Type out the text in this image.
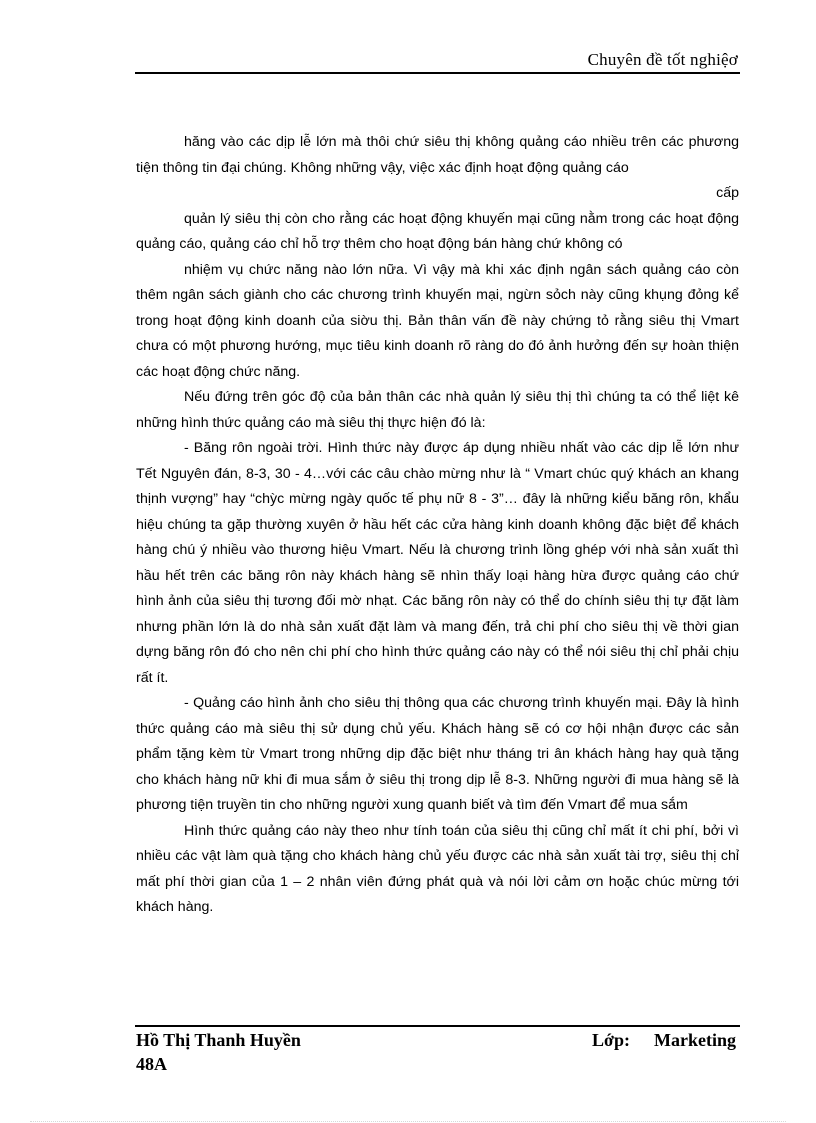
Chuyên đề tốt nghiệơ

hăng vào các dịp lễ lớn mà thôi chứ siêu thị không quảng cáo nhiều trên các phương tiện thông tin đại chúng. Không những vậy, việc xác định hoạt động quảng cáo

cấp

quản lý siêu thị còn cho rằng các hoạt động khuyến mại cũng nằm trong các hoạt động quảng cáo, quảng cáo chỉ hỗ trợ thêm cho hoạt động bán hàng chứ không có

nhiệm vụ chức năng nào lớn nữa. Vì vậy mà khi xác định ngân sách quảng cáo còn thêm ngân sách giành cho các chương trình khuyến mại, ngừn sỏch này cũng khụng đỏng kể trong hoạt động kinh doanh của siờu thị. Bản thân vấn đề này chứng tỏ rằng siêu thị Vmart chưa có một phương hướng, mục tiêu kinh doanh rõ ràng do đó ảnh hưởng đến sự hoàn thiện các hoạt động chức năng.

Nếu đứng trên góc độ của bản thân các nhà quản lý siêu thị thì chúng ta có thể liệt kê những hình thức quảng cáo mà siêu thị thực hiện đó là:

- Băng rôn ngoài trời. Hình thức này được áp dụng nhiều nhất vào các dịp lễ lớn như Tết Nguyên đán, 8-3, 30 - 4…với các câu chào mừng như là “ Vmart chúc quý khách an khang thịnh vượng” hay “chỳc mừng ngày quốc tế phụ nữ 8 - 3”… đây là những kiểu băng rôn, khẩu hiệu chúng ta gặp thường xuyên ở hầu hết các cửa hàng kinh doanh không đặc biệt để khách hàng chú ý nhiều vào thương hiệu Vmart. Nếu là chương trình lồng ghép với nhà sản xuất thì hầu hết trên các băng rôn này khách hàng sẽ nhìn thấy loại hàng hừa được quảng cáo chứ hình ảnh của siêu thị tương đối mờ nhạt. Các băng rôn này có thể do chính siêu thị tự đặt làm nhưng phần lớn là do nhà sản xuất đặt làm và mang đến, trả chi phí cho siêu thị về thời gian dựng băng rôn đó cho nên chi phí cho hình thức quảng cáo này có thể nói siêu thị chỉ phải chịu rất ít.

- Quảng cáo hình ảnh cho siêu thị thông qua các chương trình khuyến mại. Đây là hình thức quảng cáo mà siêu thị sử dụng chủ yếu. Khách hàng sẽ có cơ hội nhận được các sản phẩm tặng kèm từ Vmart trong những dịp đặc biệt như tháng tri ân khách hàng hay quà tặng cho khách hàng nữ khi đi mua sắm ở siêu thị trong dịp lễ 8-3. Những người đi mua hàng sẽ là phương tiện truyền tin cho những người xung quanh biết và tìm đến Vmart để mua sắm

Hình thức quảng cáo này theo như tính toán của siêu thị cũng chỉ mất ít chi phí, bởi vì nhiều các vật làm quà tặng cho khách hàng chủ yếu được các nhà sản xuất tài trợ, siêu thị chỉ mất phí thời gian của 1 – 2 nhân viên đứng phát quà và nói lời cảm ơn hoặc chúc mừng tới khách hàng.

Hồ Thị Thanh Huyền	Lớp: Marketing
48A
